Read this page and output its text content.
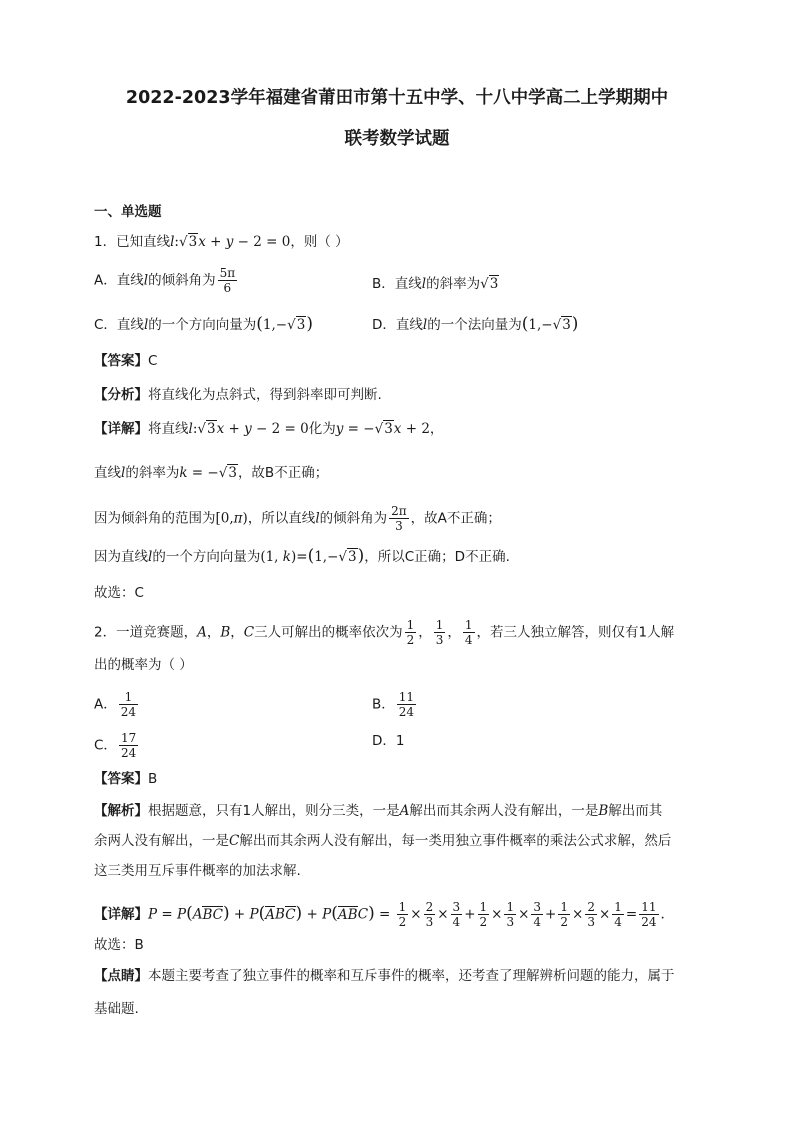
2022-2023学年福建省莆田市第十五中学、十八中学高二上学期期中
联考数学试题
一、单选题
1．已知直线l:√3x + y − 2 = 0，则（ ）
A．直线l的倾斜角为 $\frac{5\pi}{6}$	B．直线l的斜率为√3
C．直线l的一个方向向量为(1,−√3)	D．直线l的一个法向量为(1,−√3)
【答案】C
【分析】将直线化为点斜式，得到斜率即可判断.
【详解】将直线l:√3x + y − 2 = 0化为y = −√3x + 2，
直线l的斜率为k = −√3，故B不正确；
因为倾斜角的范围为[0,π)，所以直线l的倾斜角为 $\frac{2\pi}{3}$ ，故A不正确；
因为直线l的一个方向向量为(1, k)=(1,−√3)，所以C正确；D不正确.
故选：C
2．一道竞赛题，A，B，C三人可解出的概率依次为 $\frac{1}{2}$ ， $\frac{1}{3}$ ， $\frac{1}{4}$ ，若三人独立解答，则仅有1人解
出的概率为（ ）
A． $\frac{1}{24}$	B． $\frac{11}{24}$
C． $\frac{17}{24}$	D．1
【答案】B
【解析】根据题意，只有1人解出，则分三类，一是A解出而其余两人没有解出，一是B解出而其
余两人没有解出，一是C解出而其余两人没有解出，每一类用独立事件概率的乘法公式求解，然后
这三类用互斥事件概率的加法求解.
【详解】$P = P(ABC) + P(ABC) + P(ABC) = \frac{1}{2} \times \frac{2}{3} \times \frac{3}{4} + \frac{1}{2} \times \frac{1}{3} \times \frac{3}{4} + \frac{1}{2} \times \frac{2}{3} \times \frac{1}{4} = \frac{11}{24}$ .
故选：B
【点睛】本题主要考查了独立事件的概率和互斥事件的概率，还考查了理解辨析问题的能力，属于
基础题.
